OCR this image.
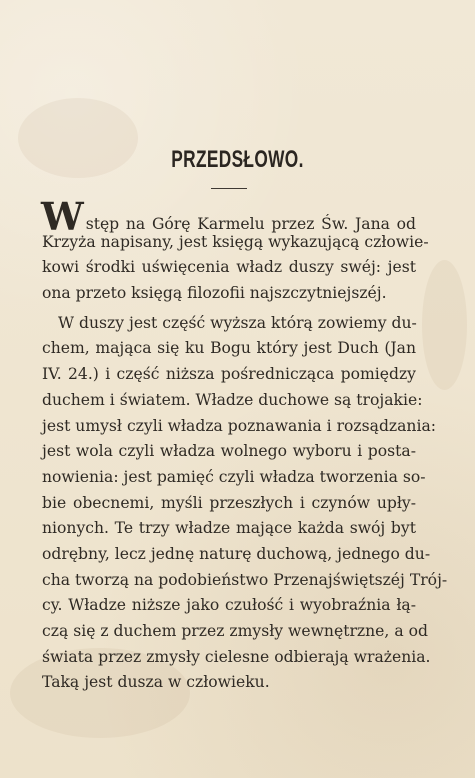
PRZEDSŁOWO.
W stęp na Górę Karmelu przez Św. Jana od
Krzyża napisany, jest księgą wykazującą człowie-
kowi środki uświęcenia władz duszy swéj: jest
ona przeto księgą filozofii najszczytniejszéj.
W duszy jest część wyższa którą zowiemy du-
chem, mająca się ku Bogu który jest Duch (Jan
IV. 24.) i część niższa pośrednicząca pomiędzy
duchem i światem. Władze duchowe są trojakie:
jest umysł czyli władza poznawania i rozsądzania:
jest wola czyli władza wolnego wyboru i posta-
nowienia: jest pamięć czyli władza tworzenia so-
bie obecnemi, myśli przeszłych i czynów upły-
nionych. Te trzy władze mające każda swój byt
odrębny, lecz jednę naturę duchową, jednego du-
cha tworzą na podobieństwo Przenajświętszéj Trój-
cy. Władze niższe jako czułość i wyobraźnia łą-
czą się z duchem przez zmysły wewnętrzne, a od
świata przez zmysły cielesne odbierają wrażenia.
Taką jest dusza w człowieku.
